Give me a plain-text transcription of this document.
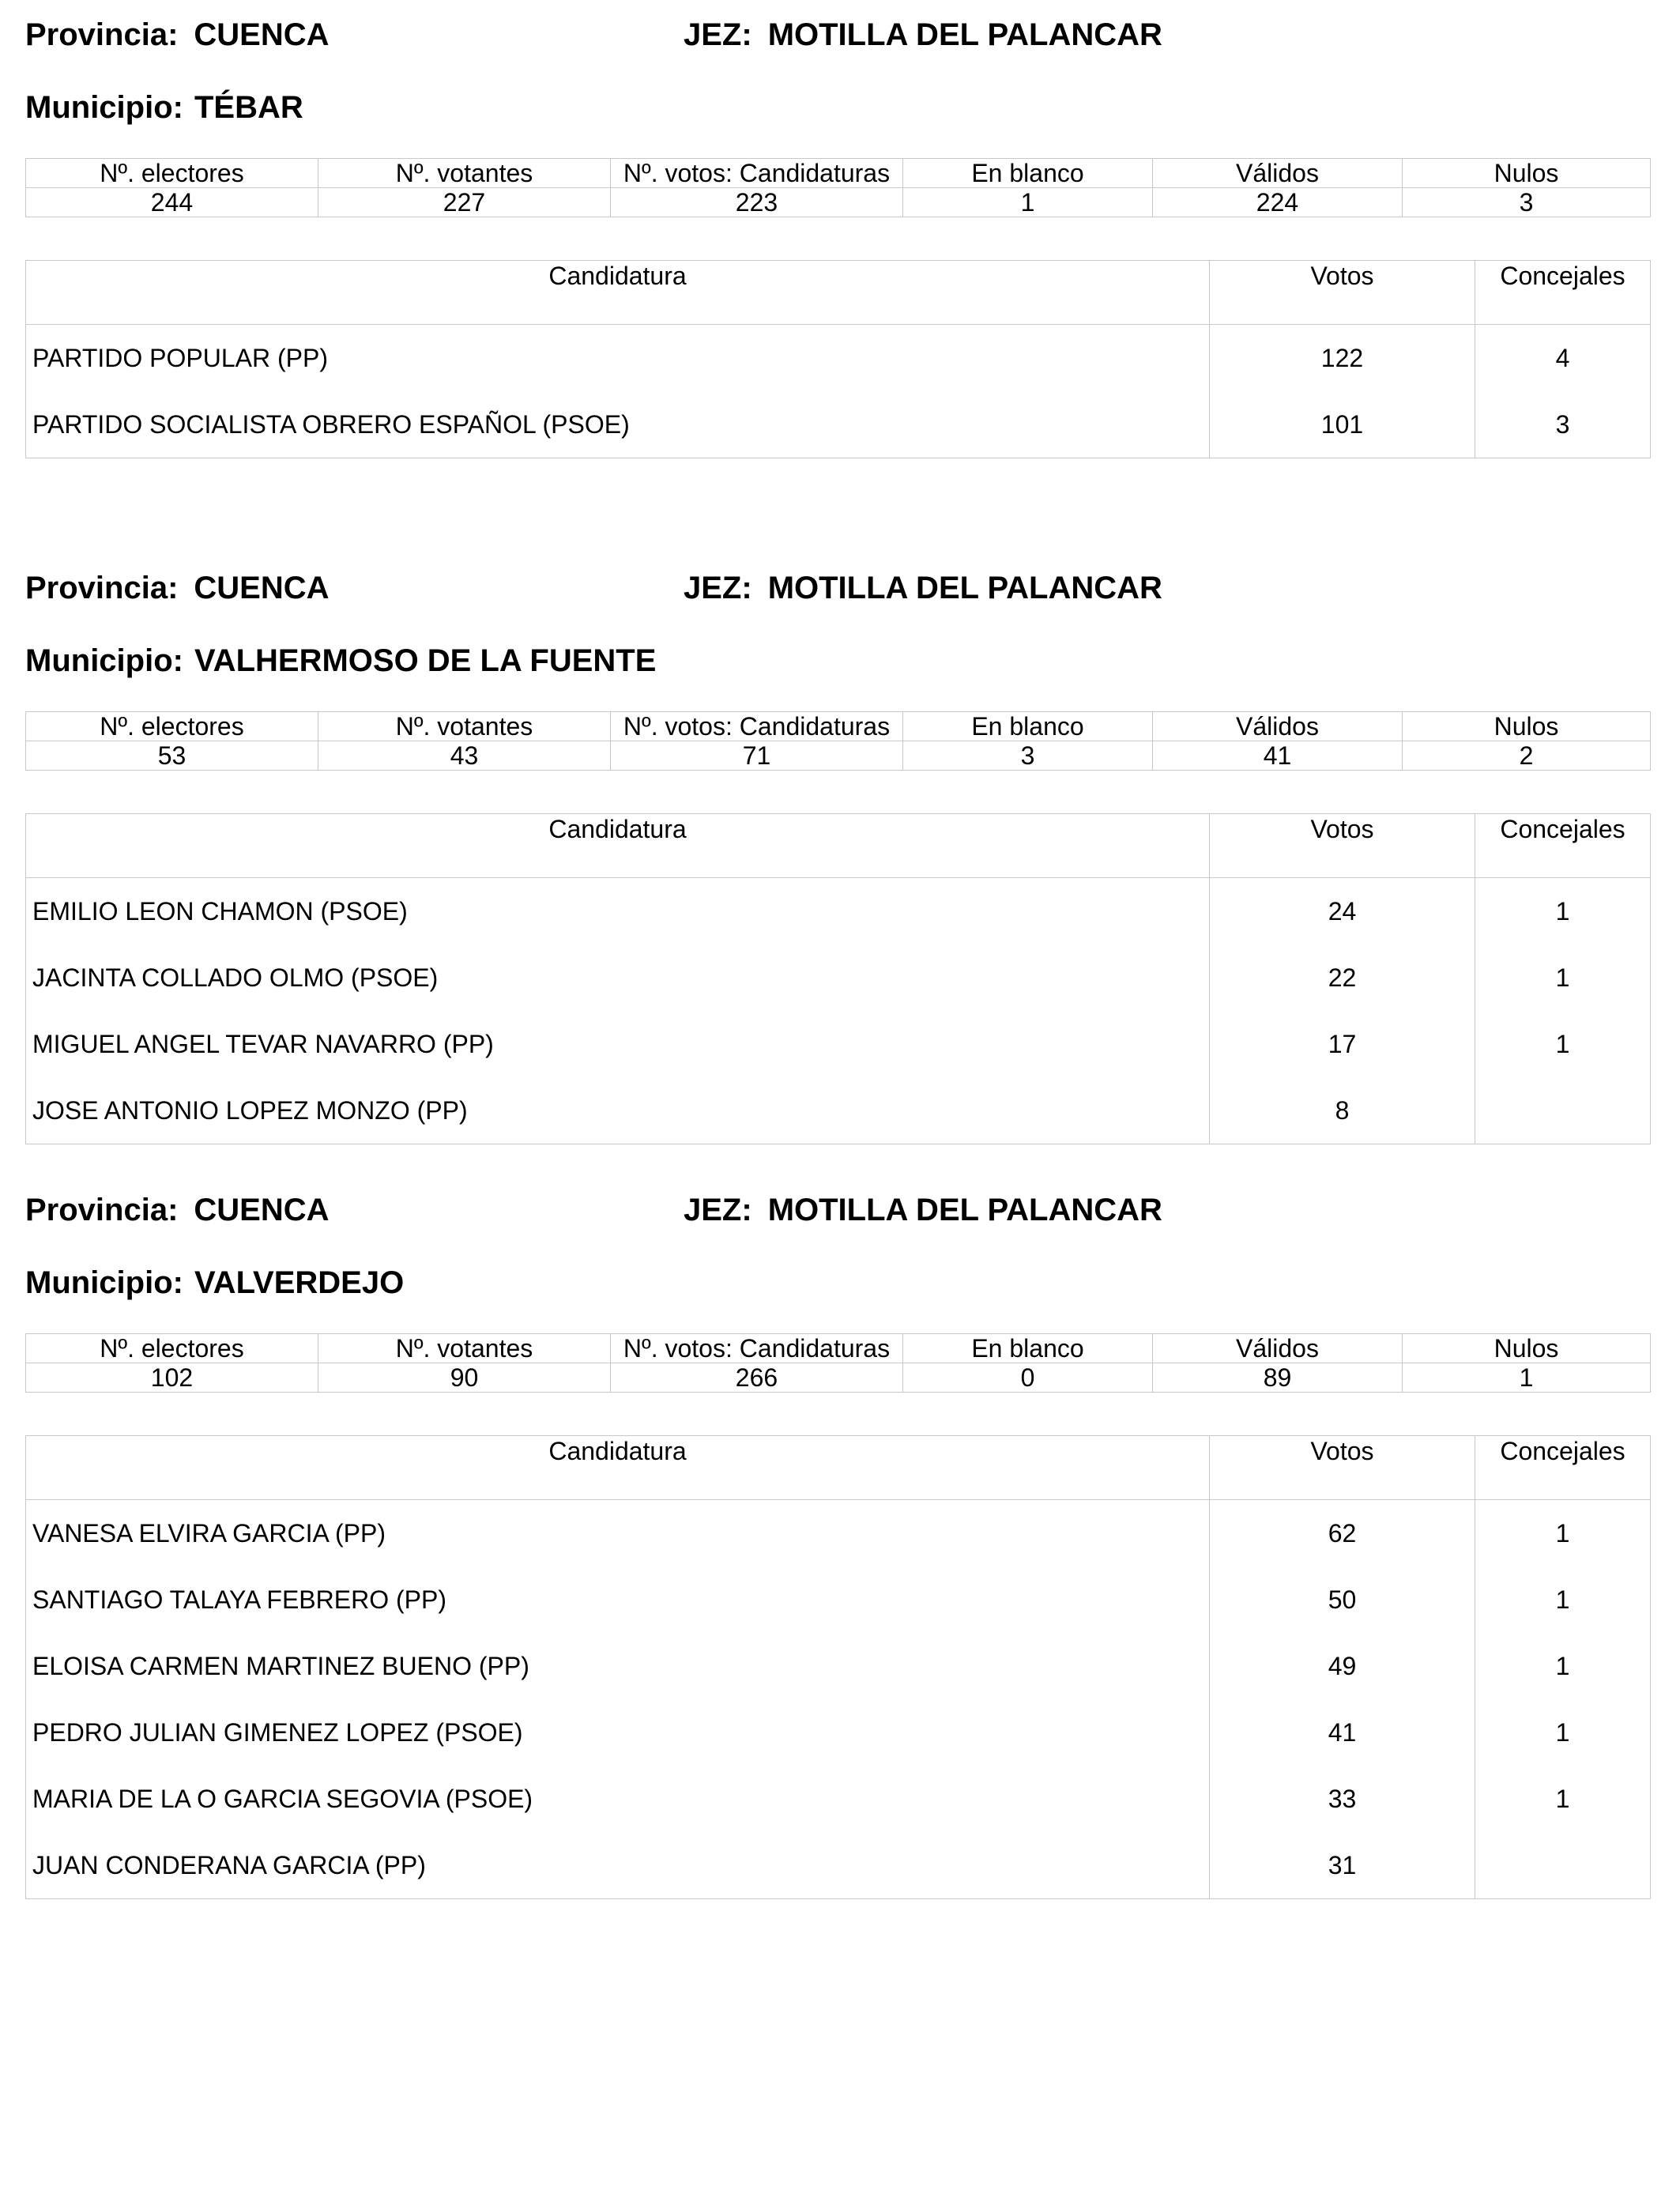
Provincia: CUENCA	JEZ: MOTILLA DEL PALANCAR
Municipio: TÉBAR
Nº. electores	Nº. votantes	Nº. votos: Candidaturas	En blanco	Válidos	Nulos
244	227	223	1	224	3
Candidatura	Votos	Concejales
PARTIDO POPULAR (PP)	122	4
PARTIDO SOCIALISTA OBRERO ESPAÑOL (PSOE)	101	3
Provincia: CUENCA	JEZ: MOTILLA DEL PALANCAR
Municipio: VALHERMOSO DE LA FUENTE
Nº. electores	Nº. votantes	Nº. votos: Candidaturas	En blanco	Válidos	Nulos
53	43	71	3	41	2
Candidatura	Votos	Concejales
EMILIO LEON CHAMON (PSOE)	24	1
JACINTA COLLADO OLMO (PSOE)	22	1
MIGUEL ANGEL TEVAR NAVARRO (PP)	17	1
JOSE ANTONIO LOPEZ MONZO (PP)	8	
Provincia: CUENCA	JEZ: MOTILLA DEL PALANCAR
Municipio: VALVERDEJO
Nº. electores	Nº. votantes	Nº. votos: Candidaturas	En blanco	Válidos	Nulos
102	90	266	0	89	1
Candidatura	Votos	Concejales
VANESA ELVIRA GARCIA (PP)	62	1
SANTIAGO TALAYA FEBRERO (PP)	50	1
ELOISA CARMEN MARTINEZ BUENO (PP)	49	1
PEDRO JULIAN GIMENEZ LOPEZ (PSOE)	41	1
MARIA DE LA O GARCIA SEGOVIA (PSOE)	33	1
JUAN CONDERANA GARCIA (PP)	31	
